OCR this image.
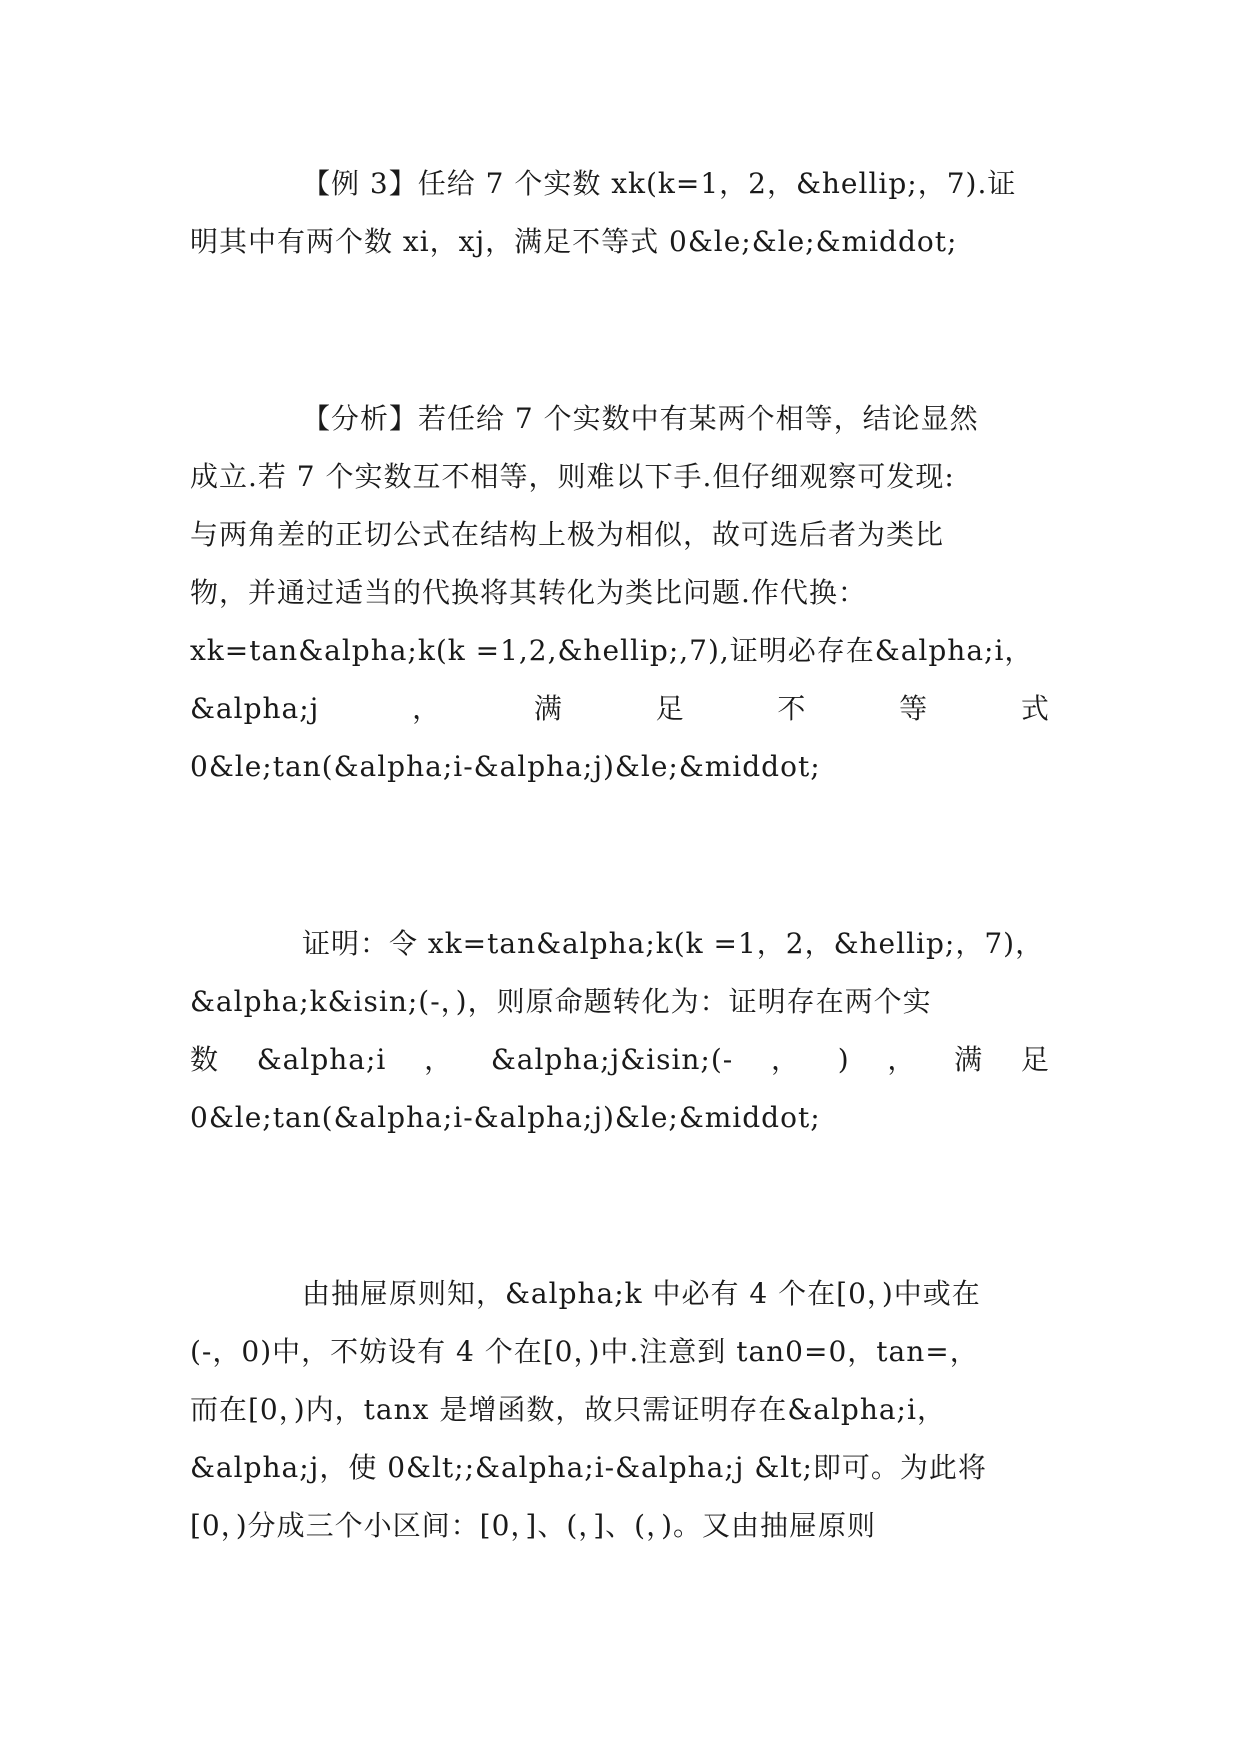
【例 3】任给 7 个实数 xk(k=1，2，&hellip;，7).证
明其中有两个数 xi，xj，满足不等式 0&le;&le;&middot;
【分析】若任给 7 个实数中有某两个相等，结论显然
成立.若 7 个实数互不相等，则难以下手.但仔细观察可发现:
与两角差的正切公式在结构上极为相似，故可选后者为类比
物，并通过适当的代换将其转化为类比问题.作代换：
xk=tan&alpha;k(k =1,2,&hellip;,7),证明必存在&alpha;i，
&alpha;j	，	满	足	不	等	式
0&le;tan(&alpha;i-&alpha;j)&le;&middot;
证明：令 xk=tan&alpha;k(k =1，2，&hellip;，7)，
&alpha;k&isin;(-，)，则原命题转化为：证明存在两个实
数 &alpha;i ， &alpha;j&isin;(- ， ) ， 满 足
0&le;tan(&alpha;i-&alpha;j)&le;&middot;
由抽屉原则知，&alpha;k 中必有 4 个在[0，)中或在
(-，0)中，不妨设有 4 个在[0，)中.注意到 tan0=0，tan=，
而在[0，)内，tanx 是增函数，故只需证明存在&alpha;i，
&alpha;j，使 0&lt;;&alpha;i-&alpha;j &lt;即可。为此将
[0，)分成三个小区间：[0，]、(，]、(，)。又由抽屉原则
